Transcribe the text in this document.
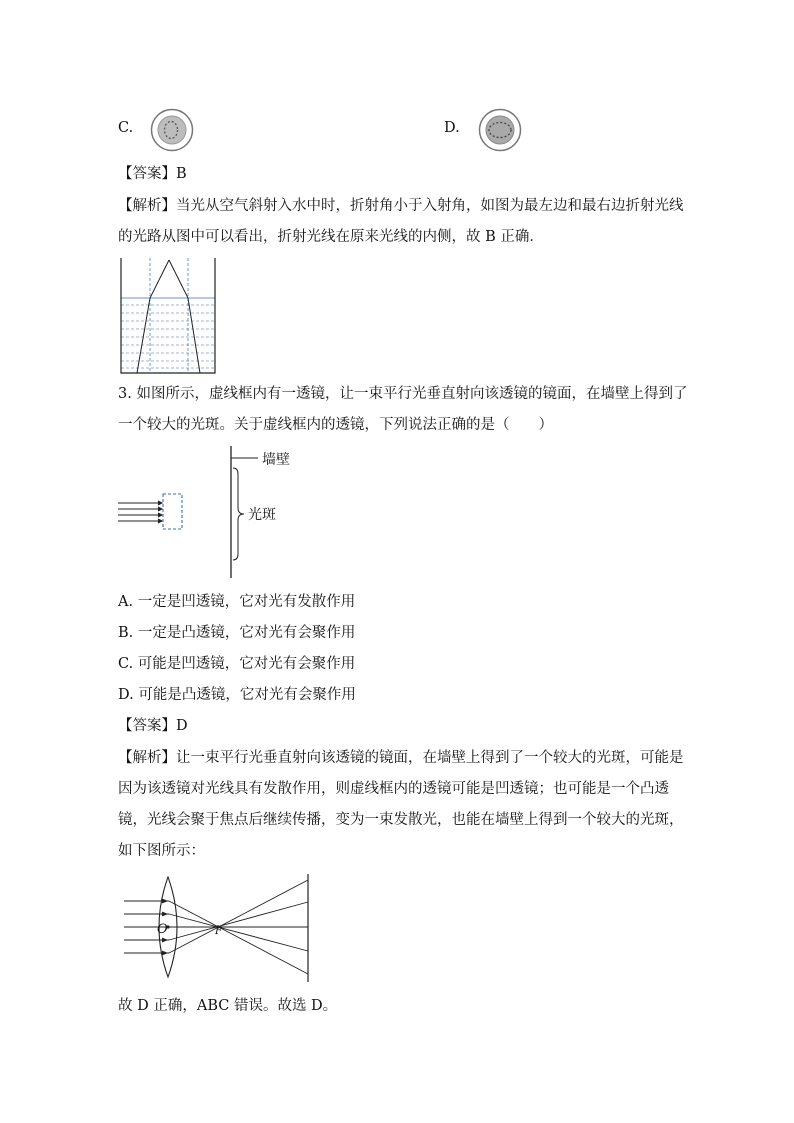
C.	D.
【答案】B
【解析】当光从空气斜射入水中时，折射角小于入射角，如图为最左边和最右边折射光线
的光路从图中可以看出，折射光线在原来光线的内侧，故 B 正确．
3. 如图所示，虚线框内有一透镜，让一束平行光垂直射向该透镜的镜面，在墙壁上得到了
一个较大的光斑。关于虚线框内的透镜，下列说法正确的是（　　）
墙壁
光斑
A. 一定是凹透镜，它对光有发散作用
B. 一定是凸透镜，它对光有会聚作用
C. 可能是凹透镜，它对光有会聚作用
D. 可能是凸透镜，它对光有会聚作用
【答案】D
【解析】让一束平行光垂直射向该透镜的镜面，在墙壁上得到了一个较大的光斑，可能是
因为该透镜对光线具有发散作用，则虚线框内的透镜可能是凹透镜；也可能是一个凸透
镜，光线会聚于焦点后继续传播，变为一束发散光，也能在墙壁上得到一个较大的光斑，
如下图所示：
O	F
故 D 正确，ABC 错误。故选 D。
